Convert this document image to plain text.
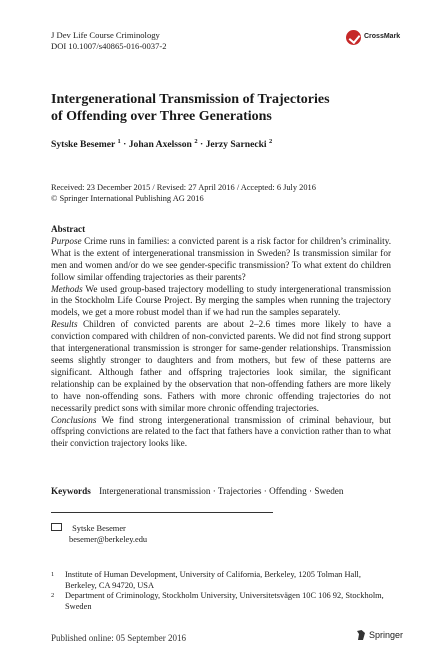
J Dev Life Course Criminology
DOI 10.1007/s40865-016-0037-2
CrossMark
Intergenerational Transmission of Trajectories
of Offending over Three Generations
Sytske Besemer $^1$ · Johan Axelsson $^2$ · Jerzy Sarnecki $^2$
Received: 23 December 2015 / Revised: 27 April 2016 / Accepted: 6 July 2016
© Springer International Publishing AG 2016
Abstract
Purpose Crime runs in families: a convicted parent is a risk factor for children’s criminality. What is the extent of intergenerational transmission in Sweden? Is transmission similar for men and women and/or do we see gender-specific transmission? To what extent do children follow similar offending trajectories as their parents?
Methods We used group-based trajectory modelling to study intergenerational transmission in the Stockholm Life Course Project. By merging the samples when running the trajectory models, we get a more robust model than if we had run the samples separately.
Results Children of convicted parents are about 2–2.6 times more likely to have a conviction compared with children of non-convicted parents. We did not find strong support that intergenerational transmission is stronger for same-gender relationships. Transmission seems slightly stronger to daughters and from mothers, but few of these patterns are significant. Although father and offspring trajectories look similar, the significant relationship can be explained by the observation that non-offending fathers are more likely to have non-offending sons. Fathers with more chronic offending trajectories do not necessarily predict sons with similar more chronic offending trajectories.
Conclusions We find strong intergenerational transmission of criminal behaviour, but offspring convictions are related to the fact that fathers have a conviction rather than to what their conviction trajectory looks like.
Keywords Intergenerational transmission · Trajectories · Offending · Sweden
Sytske Besemer
besemer@berkeley.edu
1	Institute of Human Development, University of California, Berkeley, 1205 Tolman Hall, Berkeley, CA 94720, USA
2	Department of Criminology, Stockholm University, Universitetsvägen 10C 106 92, Stockholm, Sweden
Published online: 05 September 2016	Springer
